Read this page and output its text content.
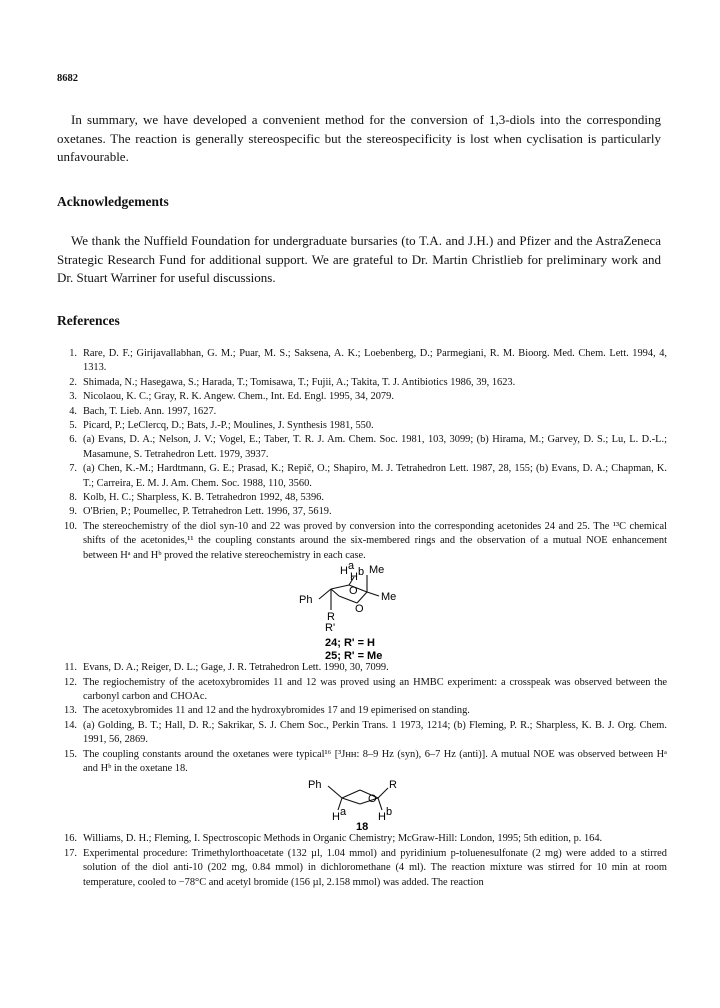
8682

In summary, we have developed a convenient method for the conversion of 1,3-diols into the corresponding oxetanes. The reaction is generally stereospecific but the stereospecificity is lost when cyclisation is particularly unfavourable.

Acknowledgements

We thank the Nuffield Foundation for undergraduate bursaries (to T.A. and J.H.) and Pfizer and the AstraZeneca Strategic Research Fund for additional support. We are grateful to Dr. Martin Christlieb for preliminary work and Dr. Stuart Warriner for useful discussions.

References
1. Rare, D. F.; Girijavallabhan, G. M.; Puar, M. S.; Saksena, A. K.; Loebenberg, D.; Parmegiani, R. M. Bioorg. Med. Chem. Lett. 1994, 4, 1313.
2. Shimada, N.; Hasegawa, S.; Harada, T.; Tomisawa, T.; Fujii, A.; Takita, T. J. Antibiotics 1986, 39, 1623.
3. Nicolaou, K. C.; Gray, R. K. Angew. Chem., Int. Ed. Engl. 1995, 34, 2079.
4. Bach, T. Lieb. Ann. 1997, 1627.
5. Picard, P.; LeClercq, D.; Bats, J.-P.; Moulines, J. Synthesis 1981, 550.
6. (a) Evans, D. A.; Nelson, J. V.; Vogel, E.; Taber, T. R. J. Am. Chem. Soc. 1981, 103, 3099; (b) Hirama, M.; Garvey, D. S.; Lu, L. D.-L.; Masamune, S. Tetrahedron Lett. 1979, 3937.
7. (a) Chen, K.-M.; Hardtmann, G. E.; Prasad, K.; Repič, O.; Shapiro, M. J. Tetrahedron Lett. 1987, 28, 155; (b) Evans, D. A.; Chapman, K. T.; Carreira, E. M. J. Am. Chem. Soc. 1988, 110, 3560.
8. Kolb, H. C.; Sharpless, K. B. Tetrahedron 1992, 48, 5396.
9. O'Brien, P.; Poumellec, P. Tetrahedron Lett. 1996, 37, 5619.
10. The stereochemistry of the diol syn-10 and 22 was proved by conversion into the corresponding acetonides 24 and 25. The ¹³C chemical shifts of the acetonides,¹¹ the coupling constants around the six-membered rings and the observation of a mutual NOE enhancement between Hᵃ and Hᵇ proved the relative stereochemistry in each case.
H a
H b Me
Ph
O Me
O
R
R'
24; R' = H
25; R' = Me
11. Evans, D. A.; Reiger, D. L.; Gage, J. R. Tetrahedron Lett. 1990, 30, 7099.
12. The regiochemistry of the acetoxybromides 11 and 12 was proved using an HMBC experiment: a crosspeak was observed between the carbonyl carbon and CHOAc.
13. The acetoxybromides 11 and 12 and the hydroxybromides 17 and 19 epimerised on standing.
14. (a) Golding, B. T.; Hall, D. R.; Sakrikar, S. J. Chem Soc., Perkin Trans. 1 1973, 1214; (b) Fleming, P. R.; Sharpless, K. B. J. Org. Chem. 1991, 56, 2869.
15. The coupling constants around the oxetanes were typical¹⁶ [³Jʜʜ: 8–9 Hz (syn), 6–7 Hz (anti)]. A mutual NOE was observed between Hᵃ and Hᵇ in the oxetane 18.
Ph
O
R
H a	H b
18
16. Williams, D. H.; Fleming, I. Spectroscopic Methods in Organic Chemistry; McGraw-Hill: London, 1995; 5th edition, p. 164.
17. Experimental procedure: Trimethylorthoacetate (132 µl, 1.04 mmol) and pyridinium p-toluenesulfonate (2 mg) were added to a stirred solution of the diol anti-10 (202 mg, 0.84 mmol) in dichloromethane (4 ml). The reaction mixture was stirred for 10 min at room temperature, cooled to −78°C and acetyl bromide (156 µl, 2.158 mmol) was added. The reaction
